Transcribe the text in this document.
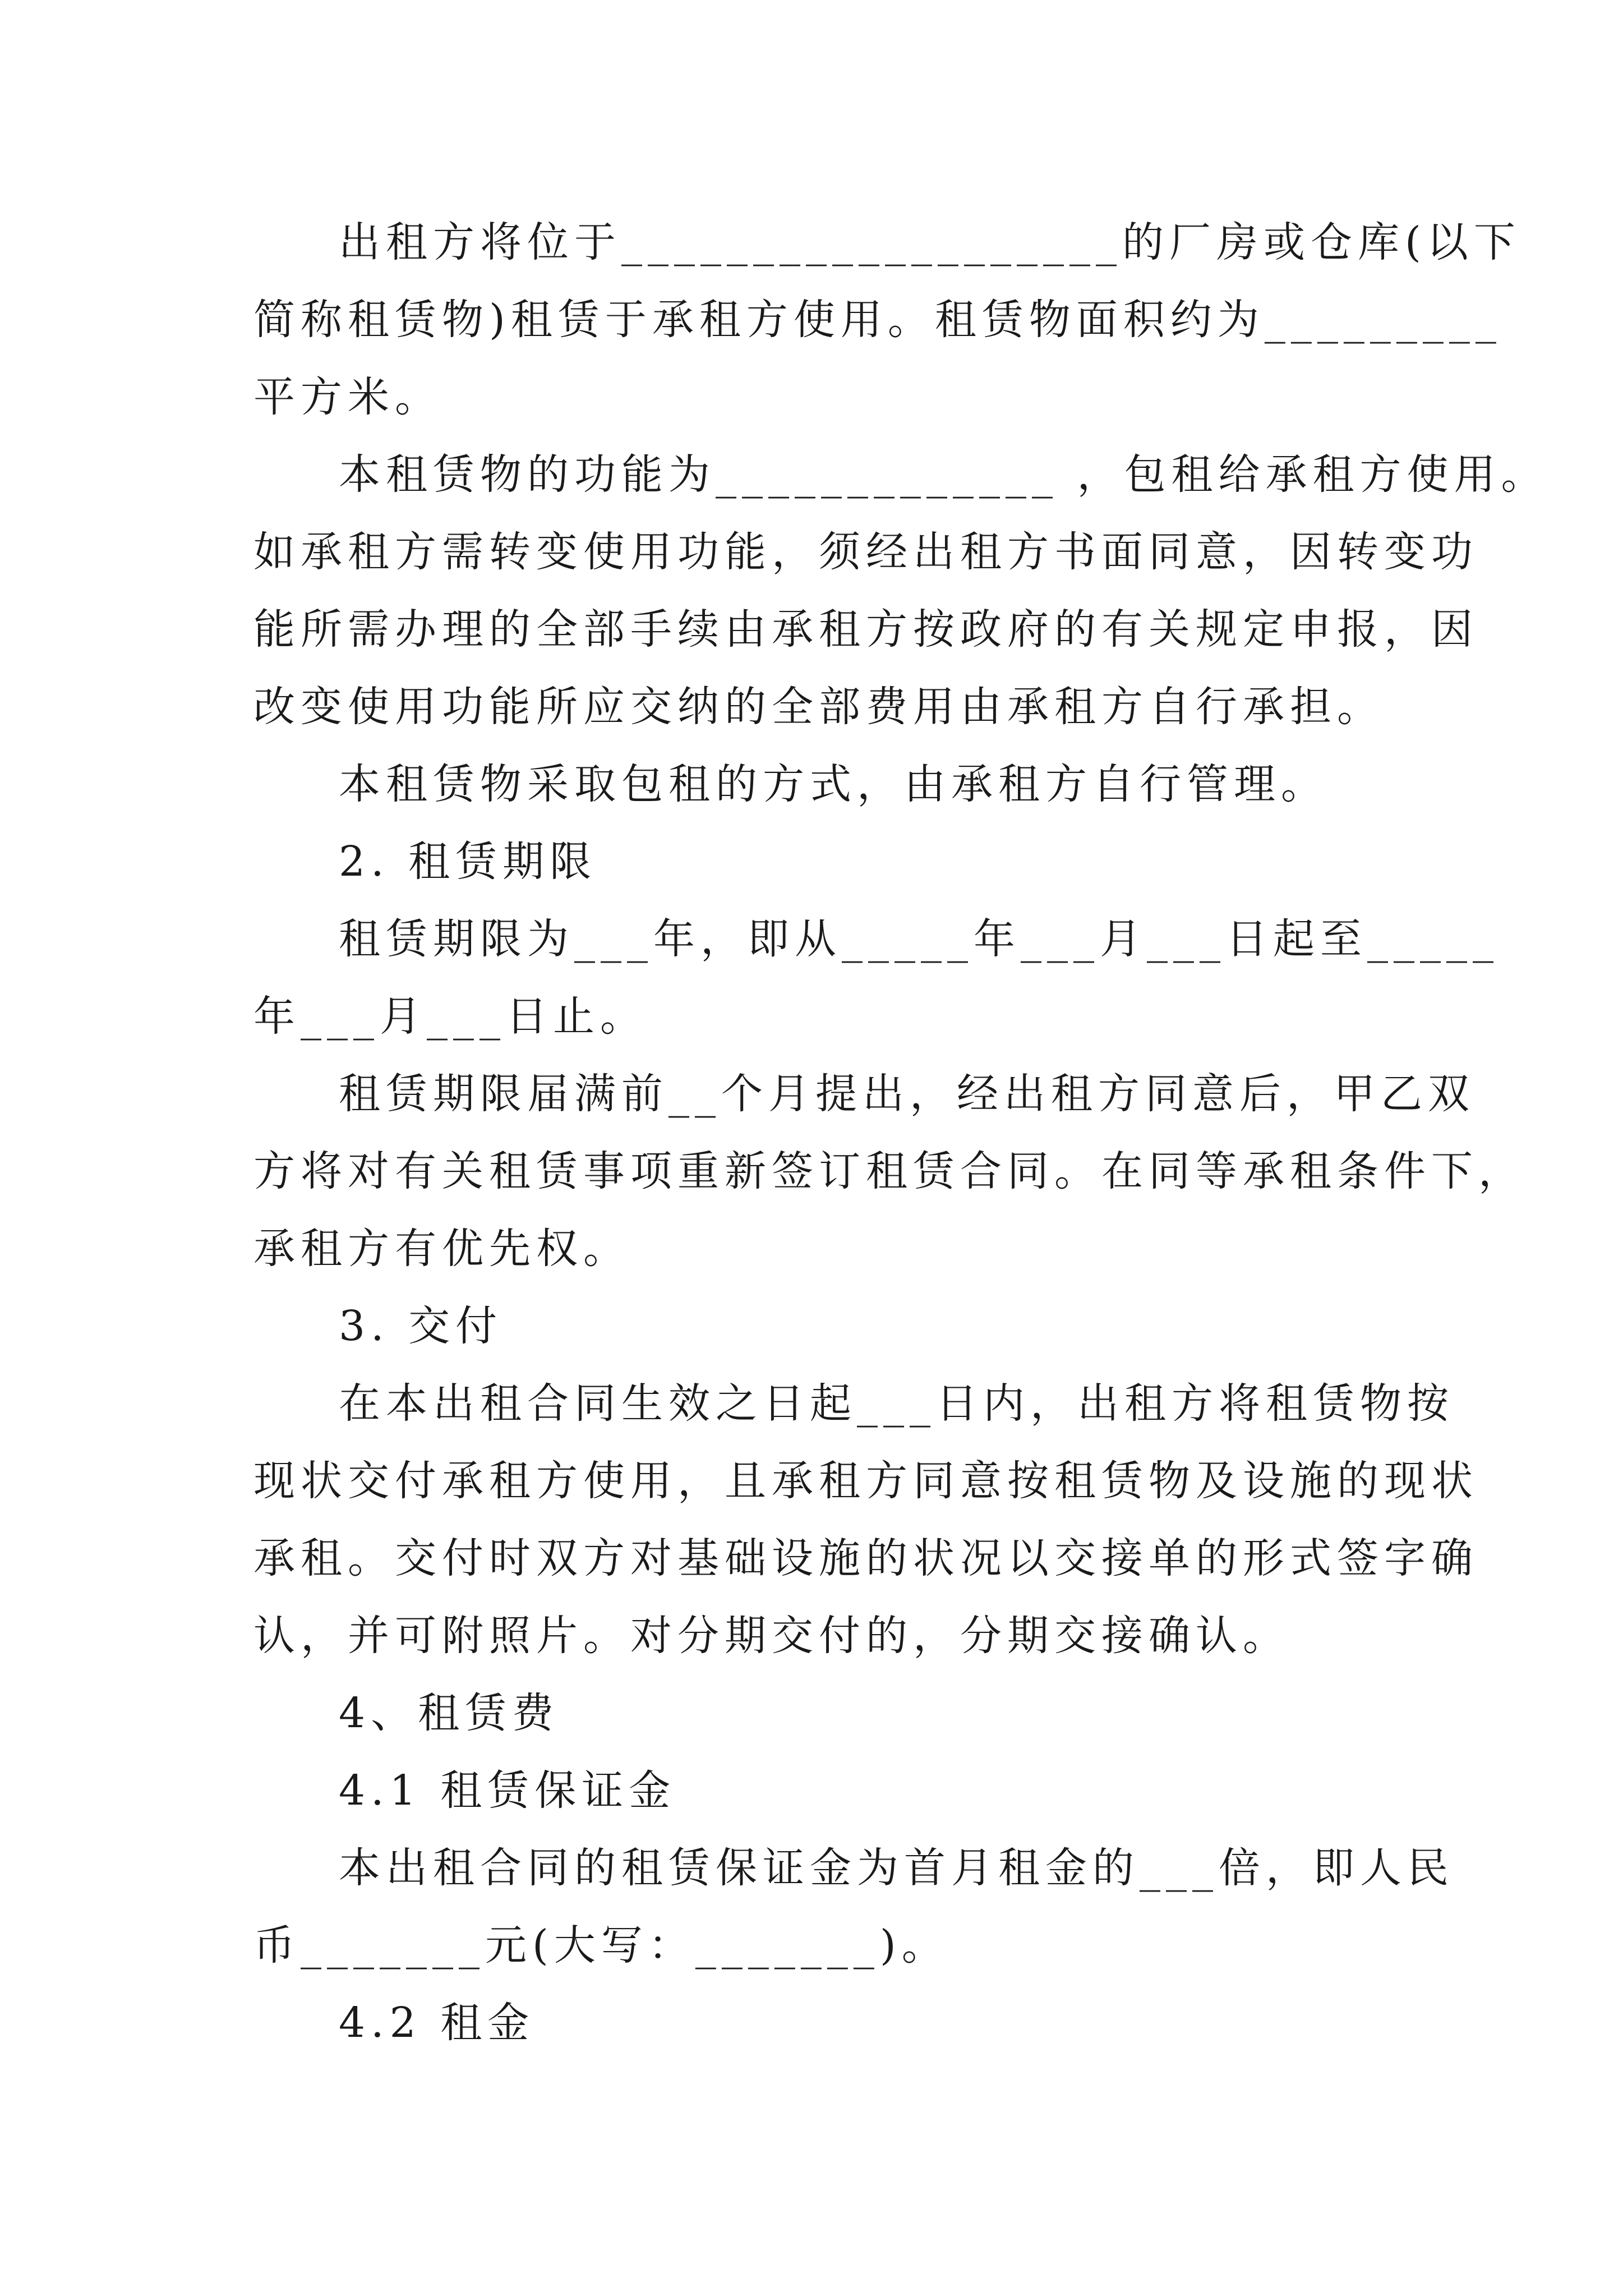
出租方将位于___________________的厂房或仓库(以下
简称租赁物)租赁于承租方使用。租赁物面积约为_________
平方米。
本租赁物的功能为_____________ ，包租给承租方使用。
如承租方需转变使用功能，须经出租方书面同意，因转变功
能所需办理的全部手续由承租方按政府的有关规定申报，因
改变使用功能所应交纳的全部费用由承租方自行承担。
本租赁物采取包租的方式，由承租方自行管理。
2. 租赁期限
租赁期限为___年，即从_____年___月___日起至_____
年___月___日止。
租赁期限届满前__个月提出，经出租方同意后，甲乙双
方将对有关租赁事项重新签订租赁合同。在同等承租条件下，
承租方有优先权。
3. 交付
在本出租合同生效之日起___日内，出租方将租赁物按
现状交付承租方使用，且承租方同意按租赁物及设施的现状
承租。交付时双方对基础设施的状况以交接单的形式签字确
认，并可附照片。对分期交付的，分期交接确认。
4、租赁费
4.1 租赁保证金
本出租合同的租赁保证金为首月租金的___倍，即人民
币_______元(大写：_______)。
4.2 租金
